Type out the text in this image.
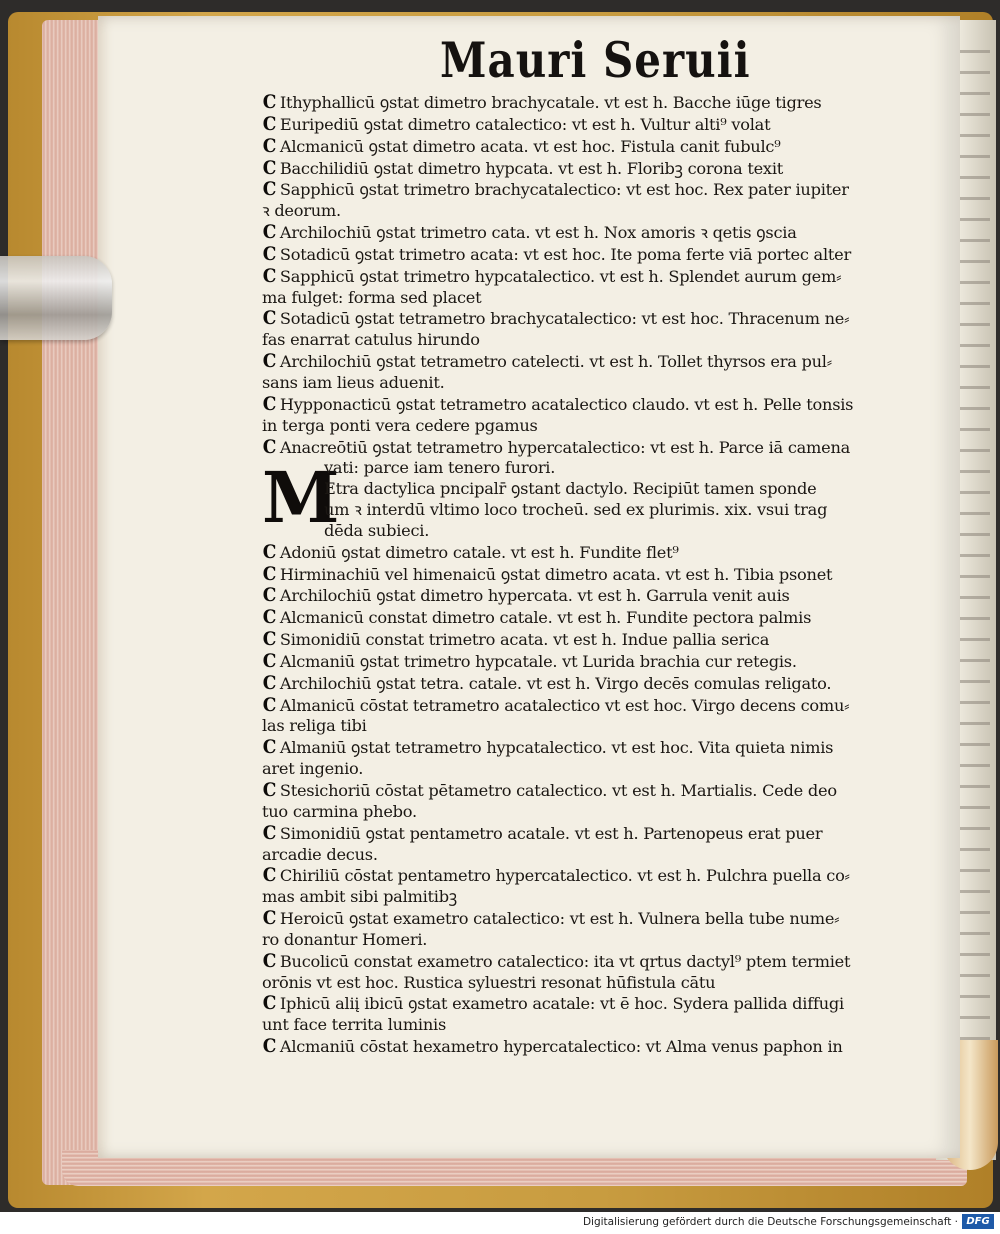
Mauri Seruii
M
C Ithyphallicū ꝯstat dimetro brachycatale. vt est h. Bacche iūge tigres
C Euripediū ꝯstat dimetro catalectico: vt est h. Vultur alti⁹ volat
C Alcmanicū ꝯstat dimetro acata. vt est hoc. Fistula canit fubulc⁹
C Bacchilidiū ꝯstat dimetro hypcata. vt est h. Floribꝫ corona texit
C Sapphicū ꝯstat trimetro brachycatalectico: vt est hoc. Rex pater iupiter
ꝛ deorum.
C Archilochiū ꝯstat trimetro cata. vt est h. Nox amoris ꝛ qetis ꝯscia
C Sotadicū ꝯstat trimetro acata: vt est hoc. Ite poma ferte viā portec alter
C Sapphicū ꝯstat trimetro hypcatalectico. vt est h. Splendet aurum gem⸗
ma fulget: forma sed placet
C Sotadicū ꝯstat tetrametro brachycatalectico: vt est hoc. Thracenum ne⸗
fas enarrat catulus hirundo
C Archilochiū ꝯstat tetrametro catelecti. vt est h. Tollet thyrsos era pul⸗
sans iam lieus aduenit.
C Hypponacticū ꝯstat tetrametro acatalectico claudo. vt est h. Pelle tonsis
in terga ponti vera cedere pgamus
C Anacreōtiū ꝯstat tetrametro hypercatalectico: vt est h. Parce iā camena
vati: parce iam tenero furori.
Etra dactylica pncipalr̄ ꝯstant dactylo. Recipiūt tamen sponde
um ꝛ interdū vltimo loco trocheū. sed ex plurimis. xix. vsui trag
dēda subieci.
C Adoniū ꝯstat dimetro catale. vt est h. Fundite flet⁹
C Hirminachiū vel himenaicū ꝯstat dimetro acata. vt est h. Tibia psonet
C Archilochiū ꝯstat dimetro hypercata. vt est h. Garrula venit auis
C Alcmanicū constat dimetro catale. vt est h. Fundite pectora palmis
C Simonidiū constat trimetro acata. vt est h. Indue pallia serica
C Alcmaniū ꝯstat trimetro hypcatale. vt Lurida brachia cur retegis.
C Archilochiū ꝯstat tetra. catale. vt est h. Virgo decēs comulas religato.
C Almanicū cōstat tetrametro acatalectico vt est hoc. Virgo decens comu⸗
las religa tibi
C Almaniū ꝯstat tetrametro hypcatalectico. vt est hoc. Vita quieta nimis
aret ingenio.
C Stesichoriū cōstat pētametro catalectico. vt est h. Martialis. Cede deo
tuo carmina phebo.
C Simonidiū ꝯstat pentametro acatale. vt est h. Partenopeus erat puer
arcadie decus.
C Chiriliū cōstat pentametro hypercatalectico. vt est h. Pulchra puella co⸗
mas ambit sibi palmitibꝫ
C Heroicū ꝯstat exametro catalectico: vt est h. Vulnera bella tube nume⸗
ro donantur Homeri.
C Bucolicū constat exametro catalectico: ita vt qrtus dactyl⁹ ptem termiet
orōnis vt est hoc. Rustica syluestri resonat hūfistula cātu
C Iphicū aliį ibicū ꝯstat exametro acatale: vt ē hoc. Sydera pallida diffugi
unt face territa luminis
C Alcmaniū cōstat hexametro hypercatalectico: vt Alma venus paphon in
Digitalisierung gefördert durch die Deutsche Forschungsgemeinschaft · DFG
